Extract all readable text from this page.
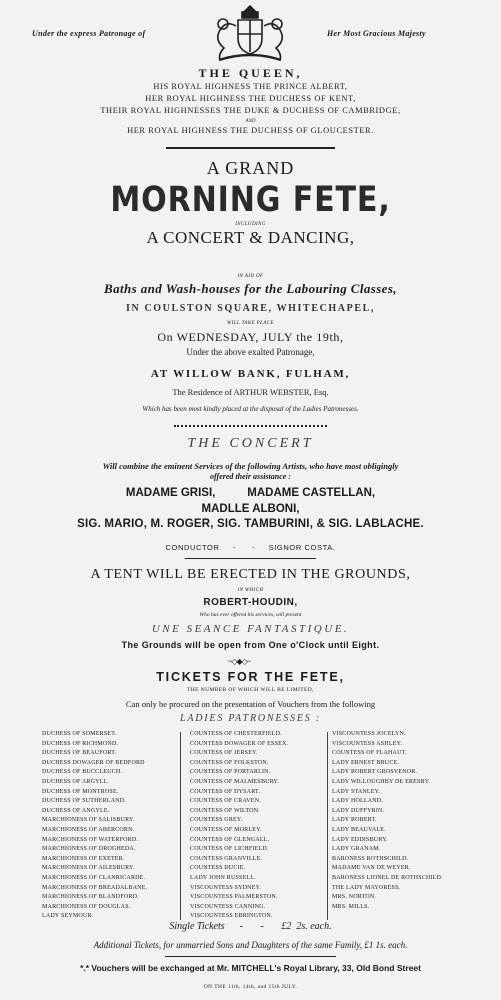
Under the express Patronage of	Her Most Gracious Majesty
THE QUEEN,
HIS ROYAL HIGHNESS THE PRINCE ALBERT,
HER ROYAL HIGHNESS THE DUCHESS OF KENT,
THEIR ROYAL HIGHNESSES THE DUKE & DUCHESS OF CAMBRIDGE,
AND
HER ROYAL HIGHNESS THE DUCHESS OF GLOUCESTER.
A GRAND
MORNING FETE,
INCLUDING
A CONCERT & DANCING,
IN AID OF
Baths and Wash-houses for the Labouring Classes,
IN COULSTON SQUARE, WHITECHAPEL,
WILL TAKE PLACE
On WEDNESDAY, JULY the 19th,
Under the above exalted Patronage,
AT WILLOW BANK, FULHAM,
The Residence of ARTHUR WEBSTER, Esq.
Which has been most kindly placed at the disposal of the Ladies Patronesses.
THE CONCERT
Will combine the eminent Services of the following Artists, who have most obligingly
offered their assistance :
MADAME GRISI,          MADAME CASTELLAN,
MADLLE ALBONI,
SIG. MARIO, M. ROGER, SIG. TAMBURINI, & SIG. LABLACHE.
CONDUCTOR     -      -     SIGNOR COSTA.
A TENT WILL BE ERECTED IN THE GROUNDS,
IN WHICH
ROBERT-HOUDIN,
Who has ever offered his services, will present
UNE SEANCE FANTASTIQUE.
The Grounds will be open from One o'Clock until Eight.
~◇◆◇~
TICKETS FOR THE FETE,
THE NUMBER OF WHICH WILL BE LIMITED,
Can only be procured on the presentation of Vouchers from the following
LADIES PATRONESSES :
DUCHESS OF SOMERSET.
DUCHESS OF RICHMOND.
DUCHESS OF BEAUFORT.
DUCHESS DOWAGER OF BEDFORD
DUCHESS OF BUCCLEUCH.
DUCHESS OF ARGYLL.
DUCHESS OF MONTROSE.
DUCHESS OF SUTHERLAND.
DUCHESS OF ANGYLE.
MARCHIONESS OF SALISBURY.
MARCHIONESS OF ABERCORN.
MARCHIONESS OF WATERFORD.
MARCHIONESS OF DROGHEDA.
MARCHIONESS OF EXETER.
MARCHIONESS OF AILESBURY.
MARCHIONESS OF CLANRICARDE.
MARCHIONESS OF BREADALBANE.
MARCHIONESS OF BLANDFORD.
MARCHIONESS OF DOUGLAS.
LADY SEYMOUR.
COUNTESS OF CHESTERFIELD.
COUNTESS DOWAGER OF ESSEX.
COUNTESS OF JERSEY.
COUNTESS OF FOLKSTON.
COUNTESS OF PORTARLIN.
COUNTESS OF MALMESBURY.
COUNTESS OF DYSART.
COUNTESS OF CRAVEN.
COUNTESS OF WILTON.
COUNTESS GREY.
COUNTESS OF MORLEY.
COUNTESS OF GLENGALL.
COUNTESS OF LICHFIELD.
COUNTESS GRANVILLE.
COUNTESS DUCIE.
LADY JOHN RUSSELL.
VISCOUNTESS SYDNEY.
VISCOUNTESS PALMERSTON.
VISCOUNTESS CANNING.
VISCOUNTESS EBRINGTON.
VISCOUNTESS JOCELYN.
VISCOUNTESS ASHLEY.
COUNTESS OF FLAHAUT.
LADY ERNEST BRUCE.
LADY ROBERT GROSVENOR.
LADY WILLOUGHBY DE ERESBY.
LADY STANLEY.
LADY HOLLAND.
LADY DUFFYRIN.
LADY ROBERT.
LADY BEAUVALE.
LADY EDDISBURY.
LADY GRANAM.
BARONESS ROTHSCHILD.
MADAME VAN DE WEYER.
BARONESS LIONEL DE ROTHSCHILD.
THE LADY MAYORESS.
MRS. NORTON.
MRS. MILLS.
Single Tickets      -       -       £2  2s. each.
Additional Tickets, for unmarried Sons and Daughters of the same Family, £1 1s. each.
*.* Vouchers will be exchanged at Mr. MITCHELL's Royal Library, 33, Old Bond Street
ON THE 11th, 14th, and 15th JULY.
